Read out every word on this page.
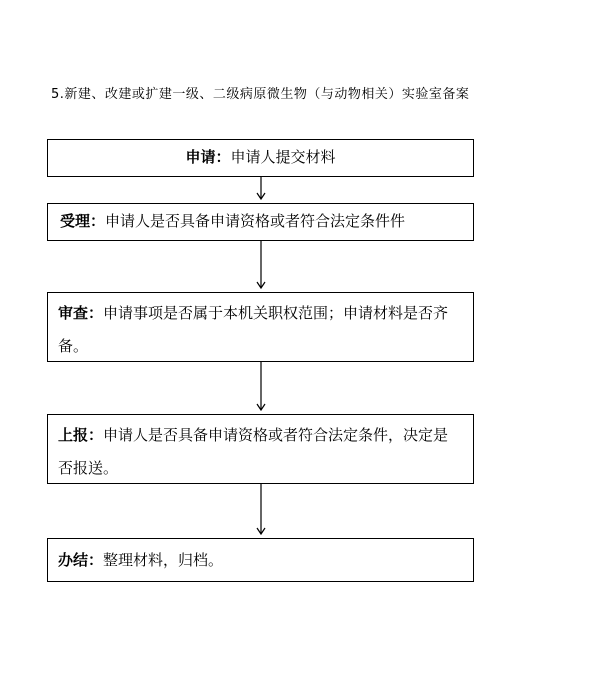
5.新建、改建或扩建一级、二级病原微生物（与动物相关）实验室备案
申请：申请人提交材料
受理：申请人是否具备申请资格或者符合法定条件件
审查：申请事项是否属于本机关职权范围；申请材料是否齐备。
上报：申请人是否具备申请资格或者符合法定条件，决定是否报送。
办结：整理材料，归档。
